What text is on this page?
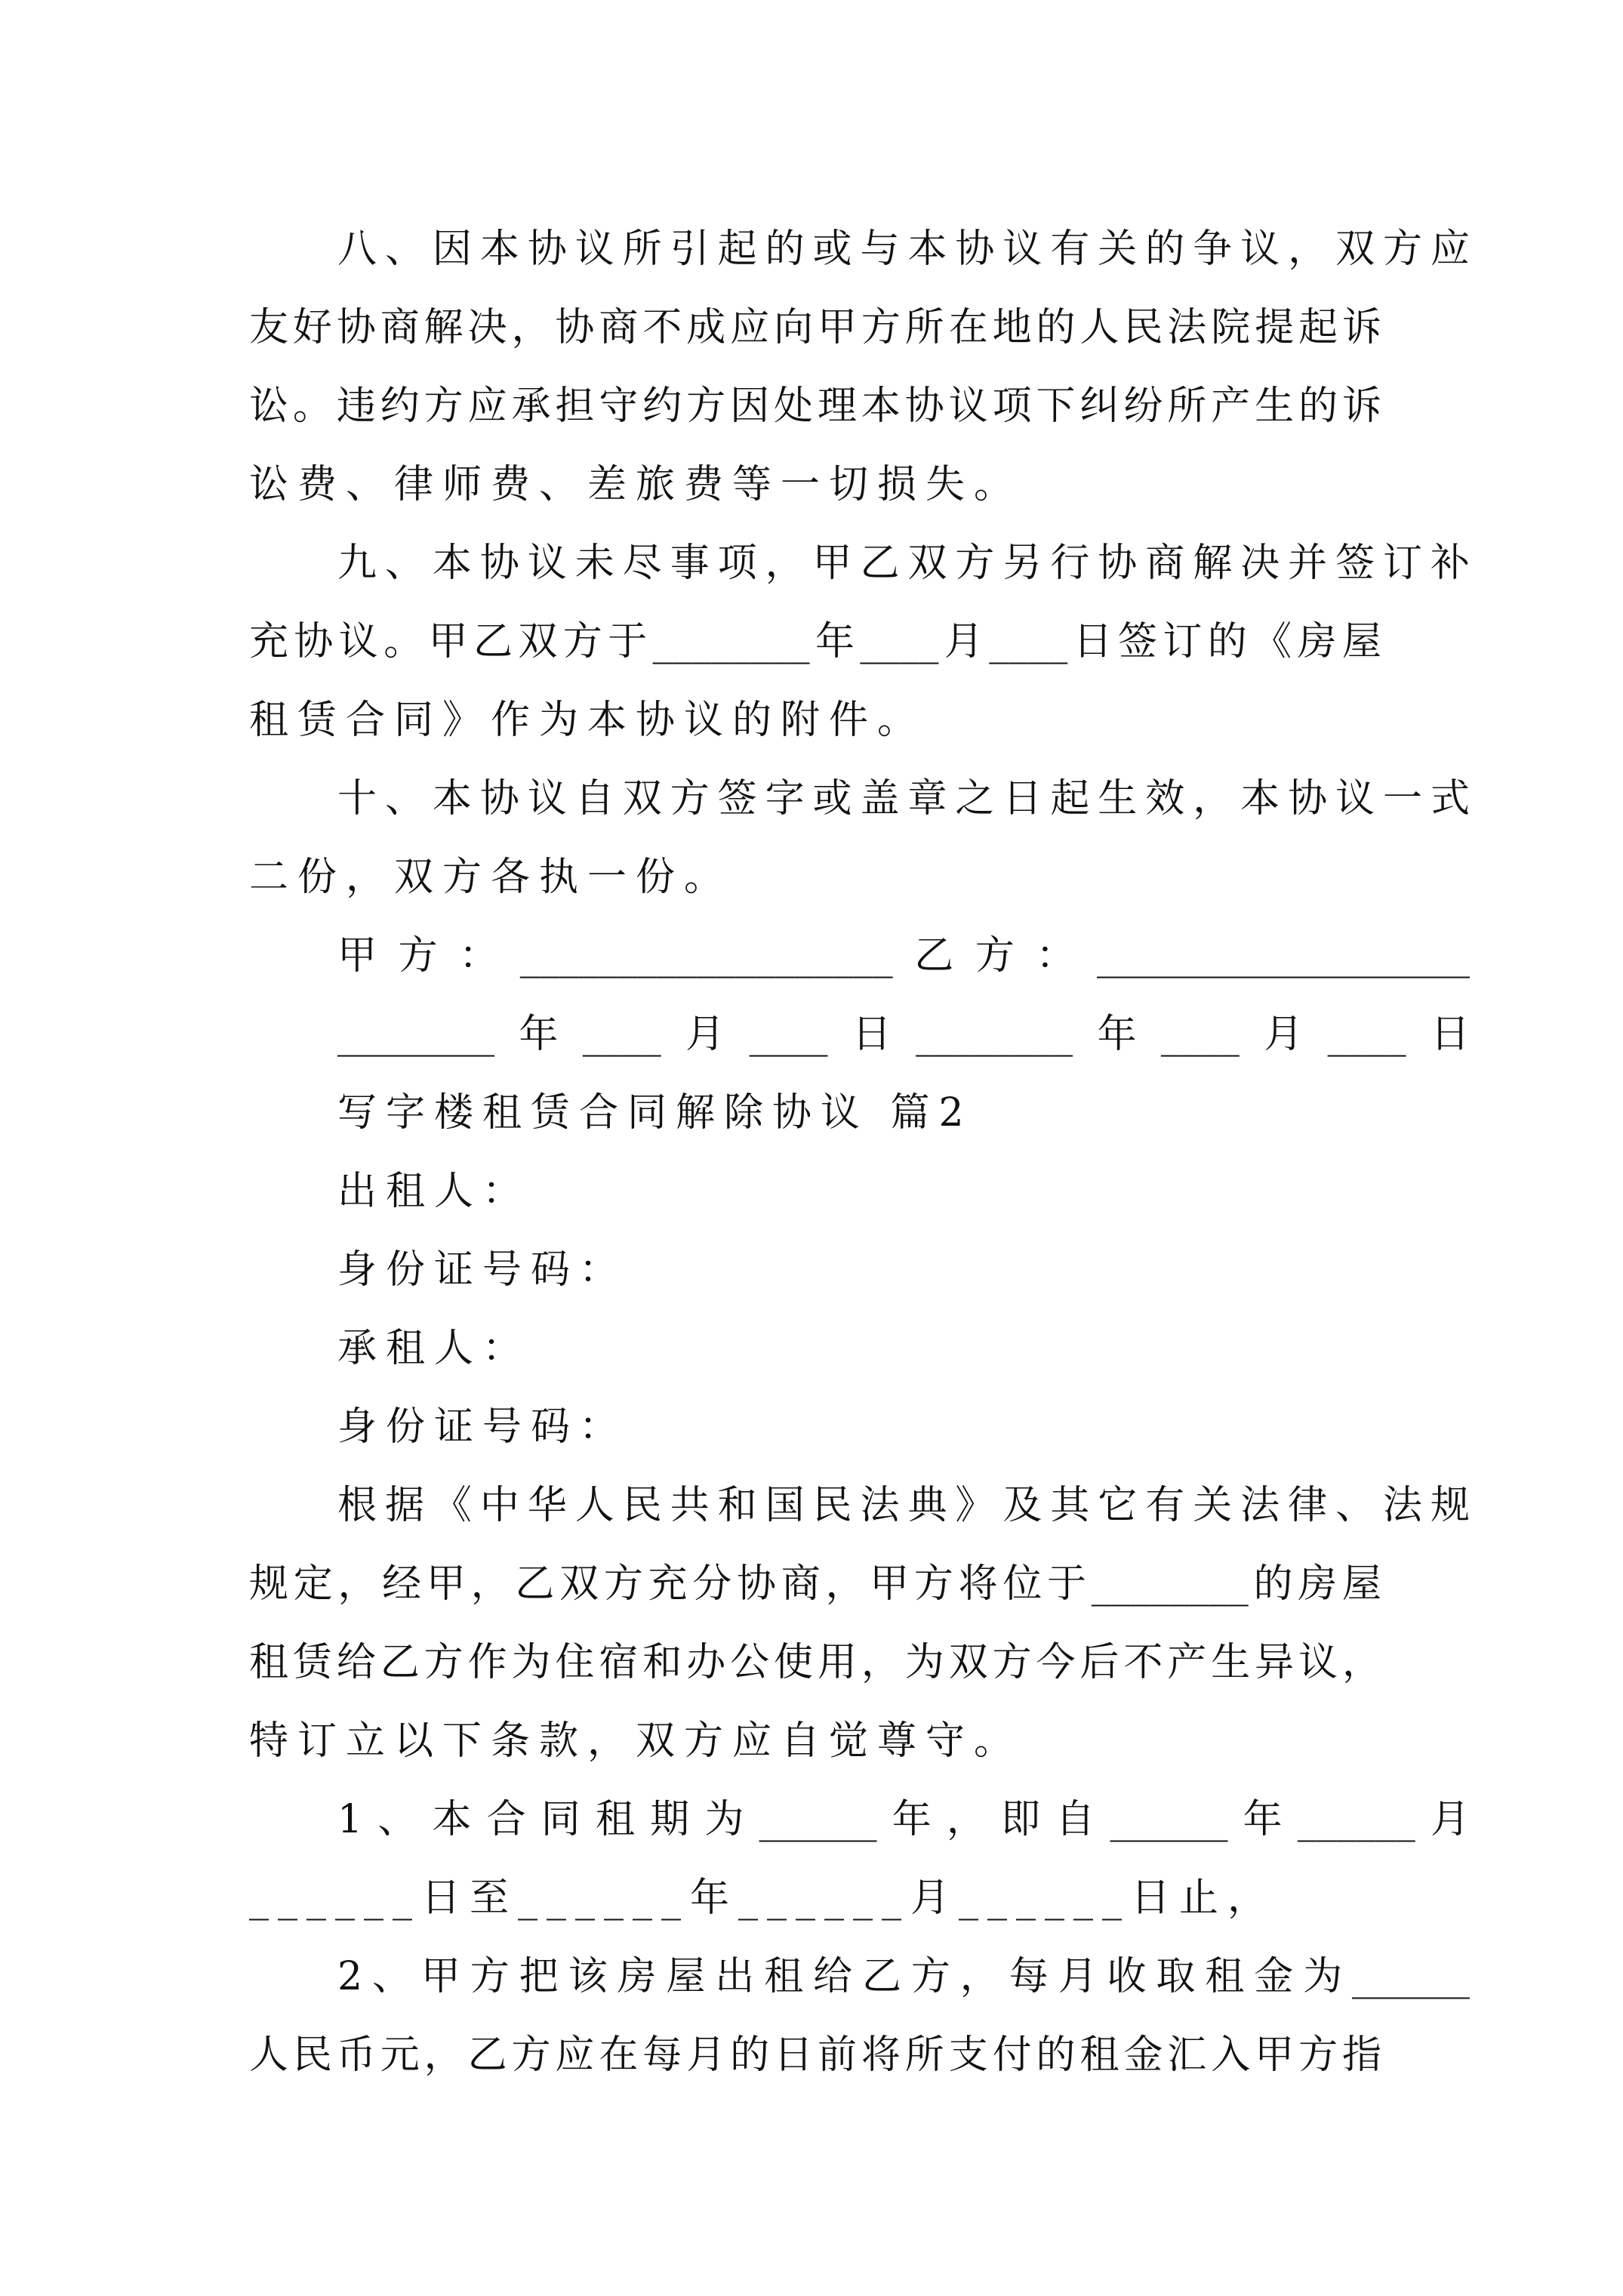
八、因本协议所引起的或与本协议有关的争议，双方应
友好协商解决，协商不成应向甲方所在地的人民法院提起诉
讼。违约方应承担守约方因处理本协议项下纠纷所产生的诉
讼费、律师费、差旅费等一切损失。
九、本协议未尽事项，甲乙双方另行协商解决并签订补
充协议。甲乙双方于________年____月____日签订的《房屋
租赁合同》作为本协议的附件。
十、本协议自双方签字或盖章之日起生效，本协议一式
二份，双方各执一份。
甲方：___________________乙方：___________________
________年____月____日________年____月____日
写字楼租赁合同解除协议 篇2
出租人：
身份证号码：
承租人：
身份证号码：
根据《中华人民共和国民法典》及其它有关法律、法规
规定，经甲，乙双方充分协商，甲方将位于________的房屋
租赁给乙方作为住宿和办公使用，为双方今后不产生异议，
特订立以下条款，双方应自觉尊守。
1、本合同租期为______年，即自______年______月
______日至______年______月______日止，
2、甲方把该房屋出租给乙方，每月收取租金为______
人民币元，乙方应在每月的日前将所支付的租金汇入甲方指
